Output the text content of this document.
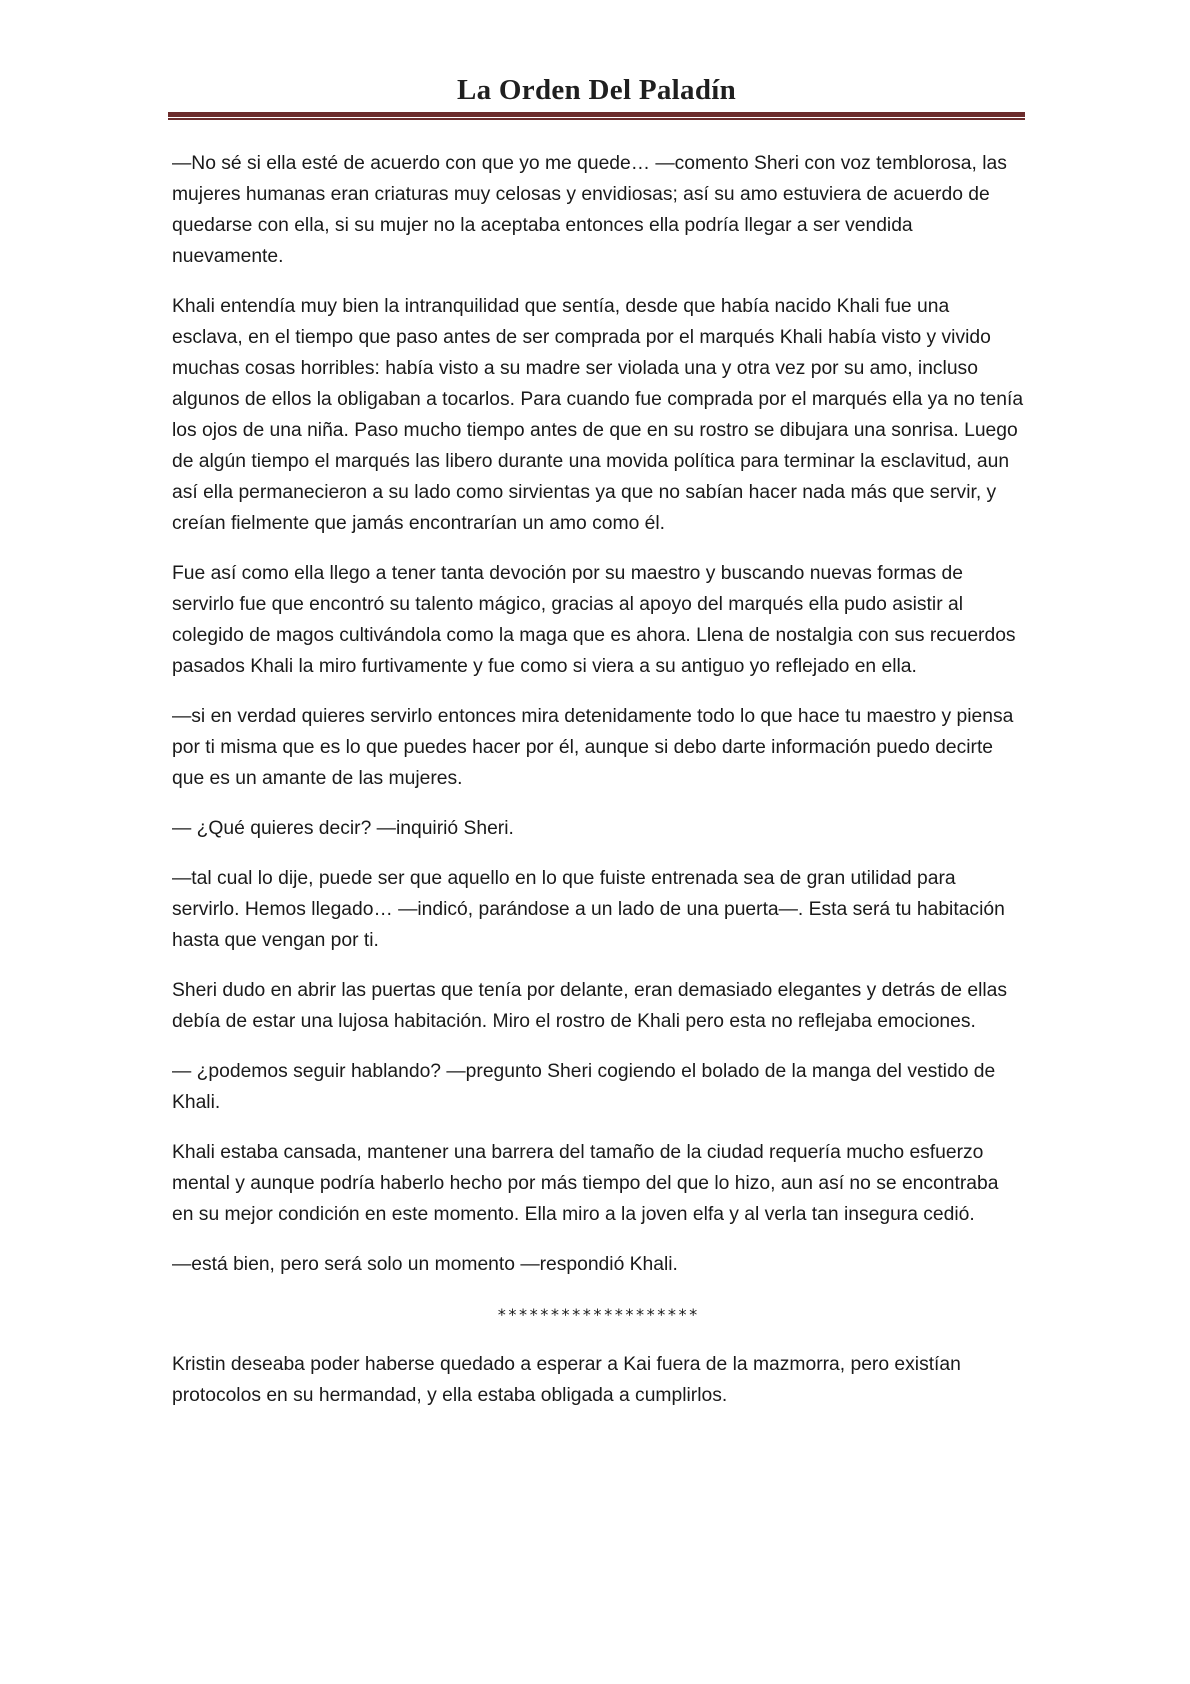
La Orden Del Paladín

—No sé si ella esté de acuerdo con que yo me quede… —comento Sheri con voz temblorosa, las mujeres humanas eran criaturas muy celosas y envidiosas; así su amo estuviera de acuerdo de quedarse con ella, si su mujer no la aceptaba entonces ella podría llegar a ser vendida nuevamente.

Khali entendía muy bien la intranquilidad que sentía, desde que había nacido Khali fue una esclava, en el tiempo que paso antes de ser comprada por el marqués Khali había visto y vivido muchas cosas horribles: había visto a su madre ser violada una y otra vez por su amo, incluso algunos de ellos la obligaban a tocarlos. Para cuando fue comprada por el marqués ella ya no tenía los ojos de una niña. Paso mucho tiempo antes de que en su rostro se dibujara una sonrisa. Luego de algún tiempo el marqués las libero durante una movida política para terminar la esclavitud, aun así ella permanecieron a su lado como sirvientas ya que no sabían hacer nada más que servir, y creían fielmente que jamás encontrarían un amo como él.

Fue así como ella llego a tener tanta devoción por su maestro y buscando nuevas formas de servirlo fue que encontró su talento mágico, gracias al apoyo del marqués ella pudo asistir al colegido de magos cultivándola como la maga que es ahora. Llena de nostalgia con sus recuerdos pasados Khali la miro furtivamente y fue como si viera a su antiguo yo reflejado en ella.

—si en verdad quieres servirlo entonces mira detenidamente todo lo que hace tu maestro y piensa por ti misma que es lo que puedes hacer por él, aunque si debo darte información puedo decirte que es un amante de las mujeres.

— ¿Qué quieres decir? —inquirió Sheri.

—tal cual lo dije, puede ser que aquello en lo que fuiste entrenada sea de gran utilidad para servirlo. Hemos llegado… —indicó, parándose a un lado de una puerta—. Esta será tu habitación hasta que vengan por ti.

Sheri dudo en abrir las puertas que tenía por delante, eran demasiado elegantes y detrás de ellas debía de estar una lujosa habitación. Miro el rostro de Khali pero esta no reflejaba emociones.

— ¿podemos seguir hablando? —pregunto Sheri cogiendo el bolado de la manga del vestido de Khali.

Khali estaba cansada, mantener una barrera del tamaño de la ciudad requería mucho esfuerzo mental y aunque podría haberlo hecho por más tiempo del que lo hizo, aun así no se encontraba en su mejor condición en este momento. Ella miro a la joven elfa y al verla tan insegura cedió.

—está bien, pero será solo un momento —respondió Khali.

*******************

Kristin deseaba poder haberse quedado a esperar a Kai fuera de la mazmorra, pero existían protocolos en su hermandad, y ella estaba obligada a cumplirlos.
